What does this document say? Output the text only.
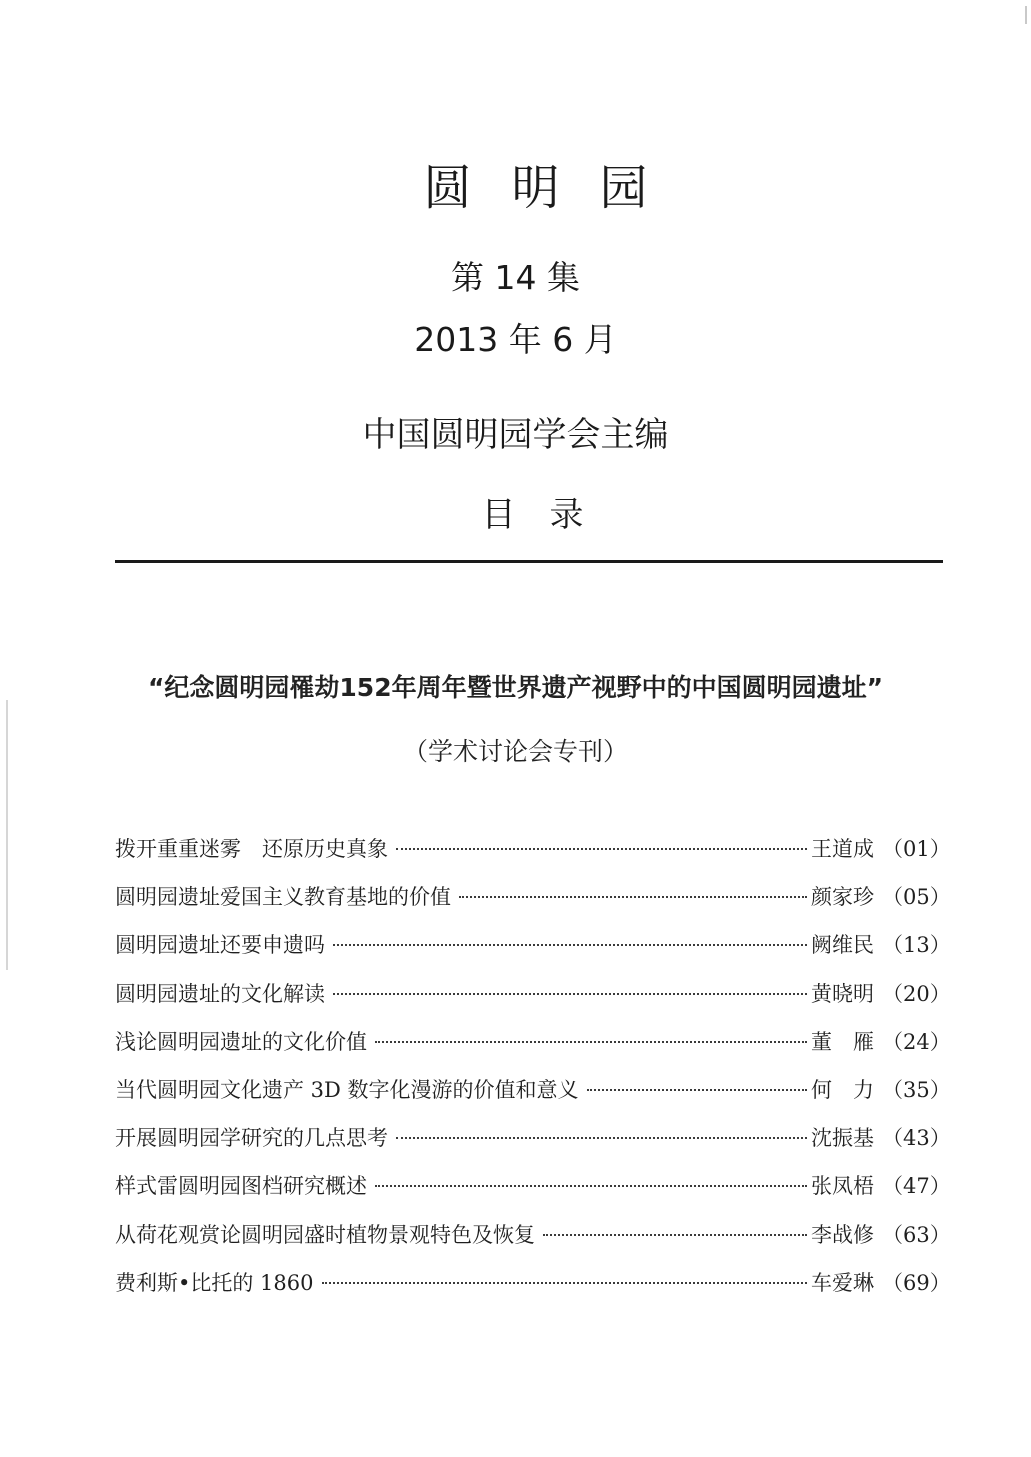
圆明园
第 14 集
2013 年 6 月
中国圆明园学会主编
目录
“纪念圆明园罹劫152年周年暨世界遗产视野中的中国圆明园遗址”
（学术讨论会专刊）
拨开重重迷雾　还原历史真象	王道成 （01）
圆明园遗址爱国主义教育基地的价值	颜家珍 （05）
圆明园遗址还要申遗吗	阙维民 （13）
圆明园遗址的文化解读	黄晓明 （20）
浅论圆明园遗址的文化价值	董　雁 （24）
当代圆明园文化遗产 3D 数字化漫游的价值和意义	何　力 （35）
开展圆明园学研究的几点思考	沈振基 （43）
样式雷圆明园图档研究概述	张凤梧 （47）
从荷花观赏论圆明园盛时植物景观特色及恢复	李战修 （63）
费利斯•比托的 1860	车爱琳 （69）
